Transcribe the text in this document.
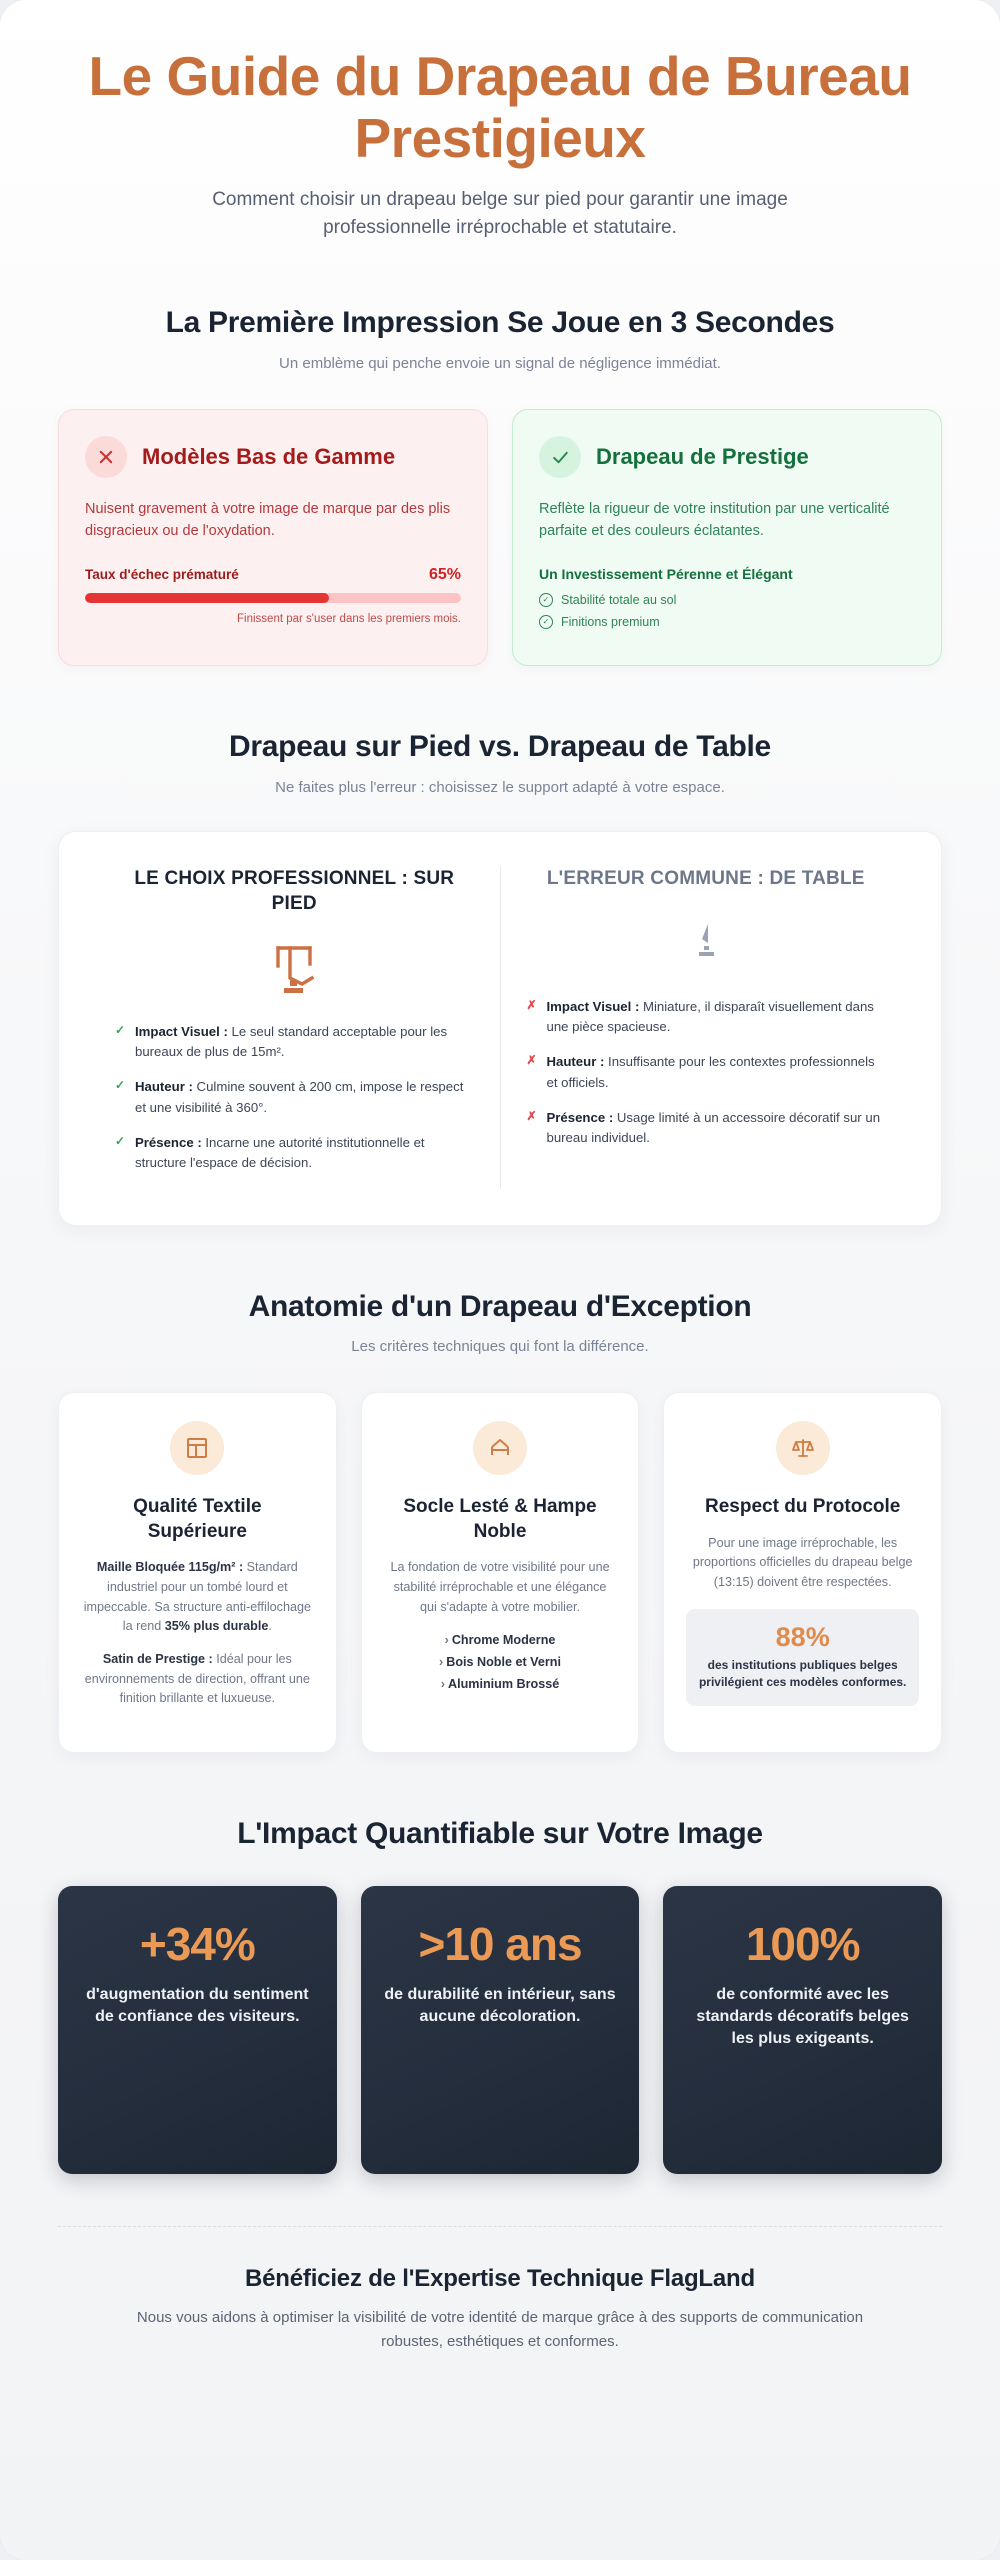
Le Guide du Drapeau de Bureau Prestigieux

Comment choisir un drapeau belge sur pied pour garantir une image professionnelle irréprochable et statutaire.

La Première Impression Se Joue en 3 Secondes

Un emblème qui penche envoie un signal de négligence immédiat.

Modèles Bas de Gamme

Nuisent gravement à votre image de marque par des plis disgracieux ou de l'oxydation.

Taux d'échec prématuré	65%

Finissent par s'user dans les premiers mois.

Drapeau de Prestige

Reflète la rigueur de votre institution par une verticalité parfaite et des couleurs éclatantes.

Un Investissement Pérenne et Élégant
✓ Stabilité totale au sol
✓ Finitions premium
Drapeau sur Pied vs. Drapeau de Table

Ne faites plus l'erreur : choisissez le support adapté à votre espace.

LE CHOIX PROFESSIONNEL : SUR PIED
✓ Impact Visuel : Le seul standard acceptable pour les bureaux de plus de 15m².
✓ Hauteur : Culmine souvent à 200 cm, impose le respect et une visibilité à 360°.
✓ Présence : Incarne une autorité institutionnelle et structure l'espace de décision.
L'ERREUR COMMUNE : DE TABLE
✗ Impact Visuel : Miniature, il disparaît visuellement dans une pièce spacieuse.
✗ Hauteur : Insuffisante pour les contextes professionnels et officiels.
✗ Présence : Usage limité à un accessoire décoratif sur un bureau individuel.
Anatomie d'un Drapeau d'Exception

Les critères techniques qui font la différence.

Qualité Textile Supérieure

Maille Bloquée 115g/m² : Standard industriel pour un tombé lourd et impeccable. Sa structure anti-effilochage la rend 35% plus durable.

Satin de Prestige : Idéal pour les environnements de direction, offrant une finition brillante et luxueuse.

Socle Lesté & Hampe Noble

La fondation de votre visibilité pour une stabilité irréprochable et une élégance qui s'adapte à votre mobilier.

› Chrome Moderne
› Bois Noble et Verni
› Aluminium Brossé
Respect du Protocole

Pour une image irréprochable, les proportions officielles du drapeau belge (13:15) doivent être respectées.

88%
des institutions publiques belges privilégient ces modèles conformes.
L'Impact Quantifiable sur Votre Image
+34%
d'augmentation du sentiment de confiance des visiteurs.
>10 ans
de durabilité en intérieur, sans aucune décoloration.
100%
de conformité avec les standards décoratifs belges les plus exigeants.
Bénéficiez de l'Expertise Technique FlagLand

Nous vous aidons à optimiser la visibilité de votre identité de marque grâce à des supports de communication robustes, esthétiques et conformes.
